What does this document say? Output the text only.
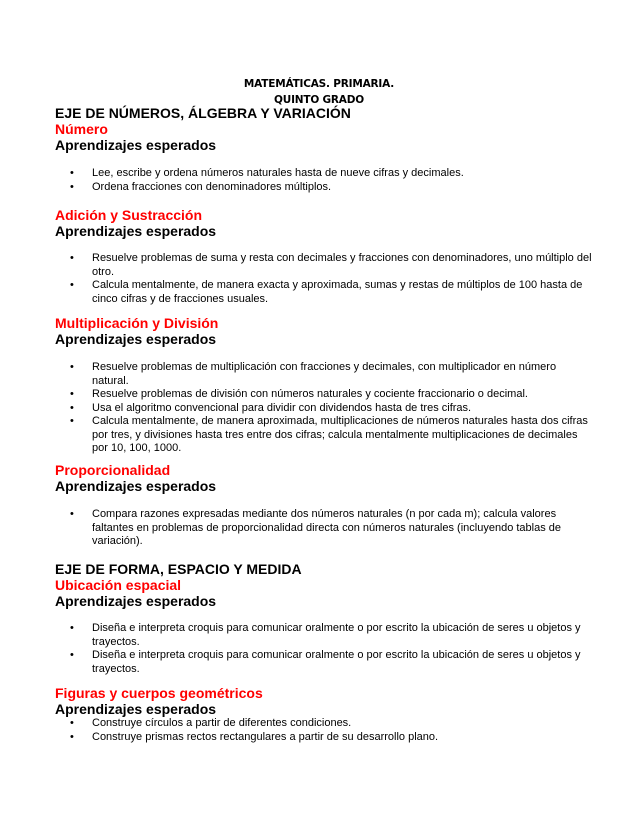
MATEMÁTICAS. PRIMARIA.
QUINTO GRADO
EJE DE NÚMEROS, ÁLGEBRA Y VARIACIÓN
Número
Aprendizajes esperados
• Lee, escribe y ordena números naturales hasta de nueve cifras y decimales.
• Ordena fracciones con denominadores múltiplos.
Adición y Sustracción
Aprendizajes esperados
• Resuelve problemas de suma y resta con decimales y fracciones con denominadores, uno múltiplo del otro.
• Calcula mentalmente, de manera exacta y aproximada, sumas y restas de múltiplos de 100 hasta de cinco cifras y de fracciones usuales.
Multiplicación y División
Aprendizajes esperados
• Resuelve problemas de multiplicación con fracciones y decimales, con multiplicador en número natural.
• Resuelve problemas de división con números naturales y cociente fraccionario o decimal.
• Usa el algoritmo convencional para dividir con dividendos hasta de tres cifras.
• Calcula mentalmente, de manera aproximada, multiplicaciones de números naturales hasta dos cifras por tres, y divisiones hasta tres entre dos cifras; calcula mentalmente multiplicaciones de decimales por 10, 100, 1000.
Proporcionalidad
Aprendizajes esperados
• Compara razones expresadas mediante dos números naturales (n por cada m); calcula valores faltantes en problemas de proporcionalidad directa con números naturales (incluyendo tablas de variación).
EJE DE FORMA, ESPACIO Y MEDIDA
Ubicación espacial
Aprendizajes esperados
• Diseña e interpreta croquis para comunicar oralmente o por escrito la ubicación de seres u objetos y trayectos.
• Diseña e interpreta croquis para comunicar oralmente o por escrito la ubicación de seres u objetos y trayectos.
Figuras y cuerpos geométricos
Aprendizajes esperados
• Construye círculos a partir de diferentes condiciones.
• Construye prismas rectos rectangulares a partir de su desarrollo plano.
